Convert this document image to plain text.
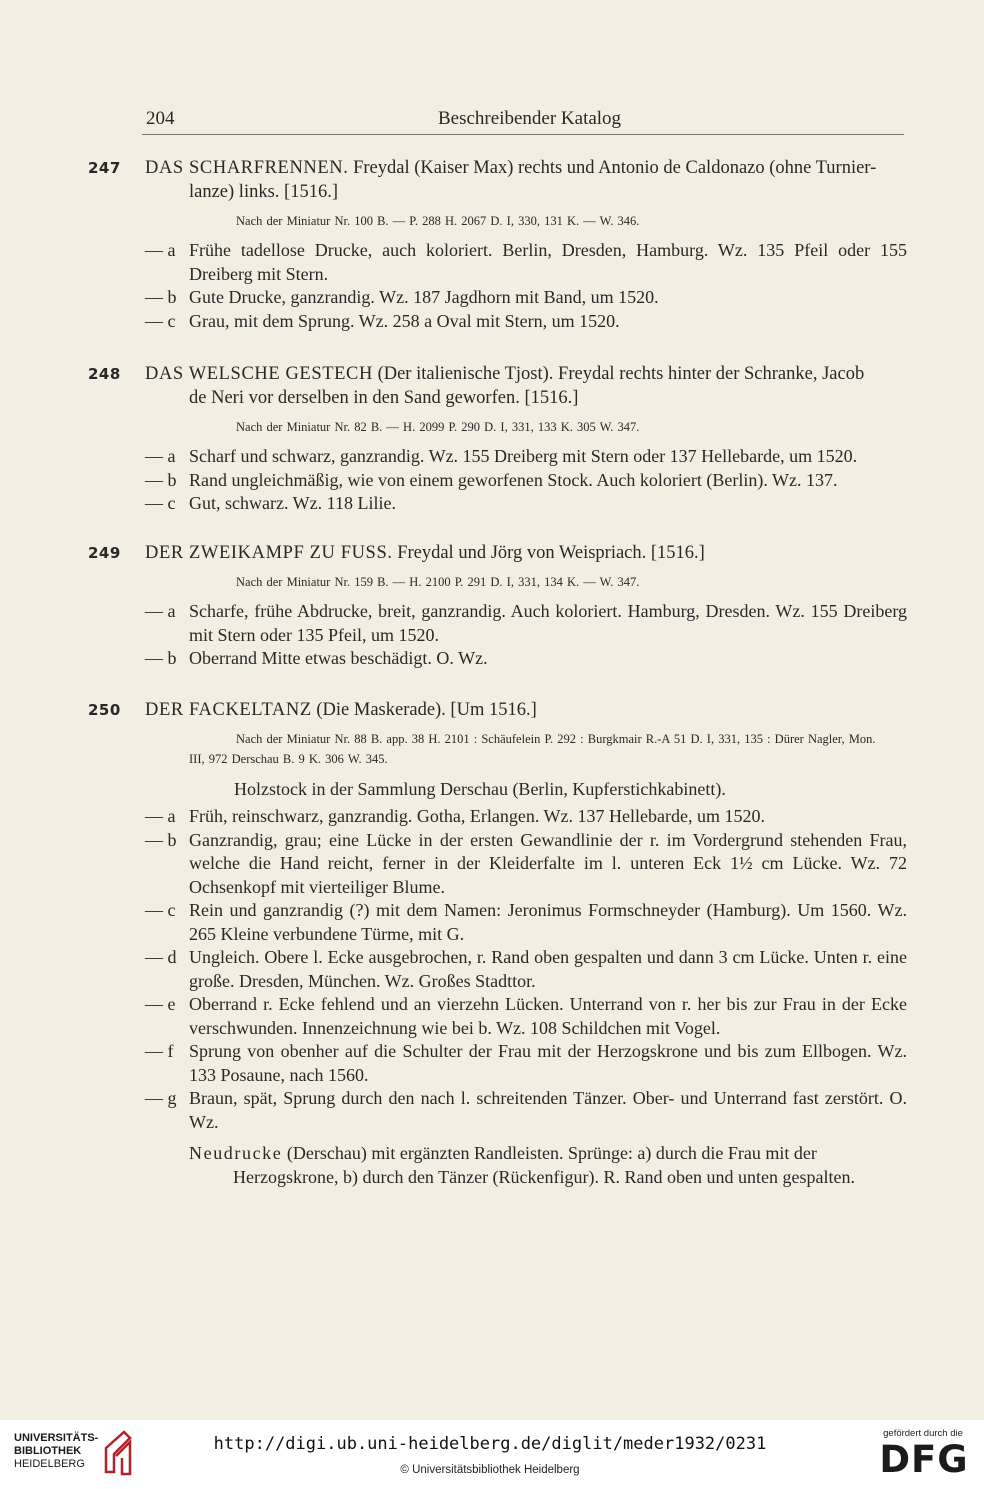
204	Beschreibender Katalog
247	DAS SCHARFRENNEN. Freydal (Kaiser Max) rechts und Antonio de Caldonazo (ohne Turnier-
lanze) links. [1516.]
Nach der Miniatur Nr. 100 B. — P. 288 H. 2067 D. I, 330, 131 K. — W. 346.
— a Frühe tadellose Drucke, auch koloriert. Berlin, Dresden, Hamburg. Wz. 135 Pfeil oder 155 Dreiberg mit Stern.
— b Gute Drucke, ganzrandig. Wz. 187 Jagdhorn mit Band, um 1520.
— c Grau, mit dem Sprung. Wz. 258 a Oval mit Stern, um 1520.
248	DAS WELSCHE GESTECH (Der italienische Tjost). Freydal rechts hinter der Schranke, Jacob
de Neri vor derselben in den Sand geworfen. [1516.]
Nach der Miniatur Nr. 82 B. — H. 2099 P. 290 D. I, 331, 133 K. 305 W. 347.
— a Scharf und schwarz, ganzrandig. Wz. 155 Dreiberg mit Stern oder 137 Hellebarde, um 1520.
— b Rand ungleichmäßig, wie von einem geworfenen Stock. Auch koloriert (Berlin). Wz. 137.
— c Gut, schwarz. Wz. 118 Lilie.
249	DER ZWEIKAMPF ZU FUSS. Freydal und Jörg von Weispriach. [1516.]
Nach der Miniatur Nr. 159 B. — H. 2100 P. 291 D. I, 331, 134 K. — W. 347.
— a Scharfe, frühe Abdrucke, breit, ganzrandig. Auch koloriert. Hamburg, Dresden. Wz. 155 Dreiberg mit Stern oder 135 Pfeil, um 1520.
— b Oberrand Mitte etwas beschädigt. O. Wz.
250	DER FACKELTANZ (Die Maskerade). [Um 1516.]
Nach der Miniatur Nr. 88 B. app. 38 H. 2101 : Schäufelein P. 292 : Burgkmair R.-A 51 D. I, 331, 135 : Dürer Nagler, Mon. III, 972 Derschau B. 9 K. 306 W. 345.
Holzstock in der Sammlung Derschau (Berlin, Kupferstichkabinett).
— a Früh, reinschwarz, ganzrandig. Gotha, Erlangen. Wz. 137 Hellebarde, um 1520.
— b Ganzrandig, grau; eine Lücke in der ersten Gewandlinie der r. im Vordergrund stehenden Frau, welche die Hand reicht, ferner in der Kleiderfalte im l. unteren Eck 1½ cm Lücke. Wz. 72 Ochsenkopf mit vierteiliger Blume.
— c Rein und ganzrandig (?) mit dem Namen: Jeronimus Formschneyder (Hamburg). Um 1560. Wz. 265 Kleine verbundene Türme, mit G.
— d Ungleich. Obere l. Ecke ausgebrochen, r. Rand oben gespalten und dann 3 cm Lücke. Unten r. eine große. Dresden, München. Wz. Großes Stadttor.
— e Oberrand r. Ecke fehlend und an vierzehn Lücken. Unterrand von r. her bis zur Frau in der Ecke verschwunden. Innenzeichnung wie bei b. Wz. 108 Schildchen mit Vogel.
— f Sprung von obenher auf die Schulter der Frau mit der Herzogskrone und bis zum Ellbogen. Wz. 133 Posaune, nach 1560.
— g Braun, spät, Sprung durch den nach l. schreitenden Tänzer. Ober- und Unterrand fast zerstört. O. Wz.
Neudrucke (Derschau) mit ergänzten Randleisten. Sprünge: a) durch die Frau mit der
Herzogskrone, b) durch den Tänzer (Rückenfigur). R. Rand oben und unten gespalten.
UNIVERSITÄTS-
BIBLIOTHEK
HEIDELBERG
http://digi.ub.uni-heidelberg.de/diglit/meder1932/0231
© Universitätsbibliothek Heidelberg
gefördert durch die
DFG
